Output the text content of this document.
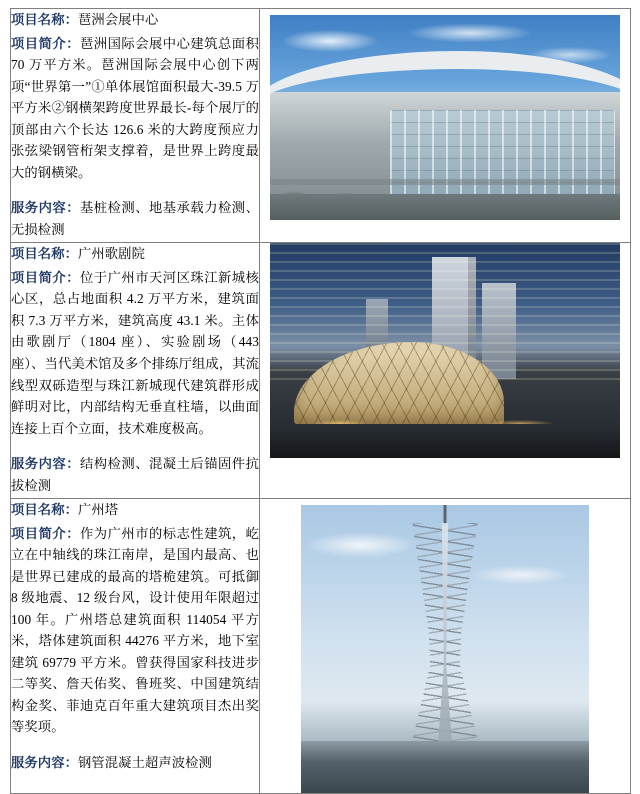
项目名称：琶洲会展中心

项目简介：琶洲国际会展中心建筑总面积 70 万平方米。琶洲国际会展中心创下两项“世界第一”①单体展馆面积最大-39.5 万平方米②钢横架跨度世界最长-每个展厅的顶部由六个长达 126.6 米的大跨度预应力张弦梁钢管桁架支撑着，是世界上跨度最大的钢横梁。

服务内容：基桩检测、地基承载力检测、无损检测	

项目名称：广州歌剧院

项目简介：位于广州市天河区珠江新城核心区，总占地面积 4.2 万平方米，建筑面积 7.3 万平方米，建筑高度 43.1 米。主体由歌剧厅（1804 座）、实验剧场（443 座）、当代美术馆及多个排练厅组成，其流线型双砾造型与珠江新城现代建筑群形成鲜明对比，内部结构无垂直柱墙，以曲面连接上百个立面，技术难度极高。

服务内容：结构检测、混凝土后锚固件抗拔检测	

项目名称：广州塔

项目简介：作为广州市的标志性建筑，屹立在中轴线的珠江南岸，是国内最高、也是世界已建成的最高的塔桅建筑。可抵御 8 级地震、12 级台风，设计使用年限超过 100 年。广州塔总建筑面积 114054 平方米，塔体建筑面积 44276 平方米，地下室建筑 69779 平方米。曾获得国家科技进步二等奖、詹天佑奖、鲁班奖、中国建筑结构金奖、菲迪克百年重大建筑项目杰出奖等奖项。

服务内容：钢管混凝土超声波检测	
